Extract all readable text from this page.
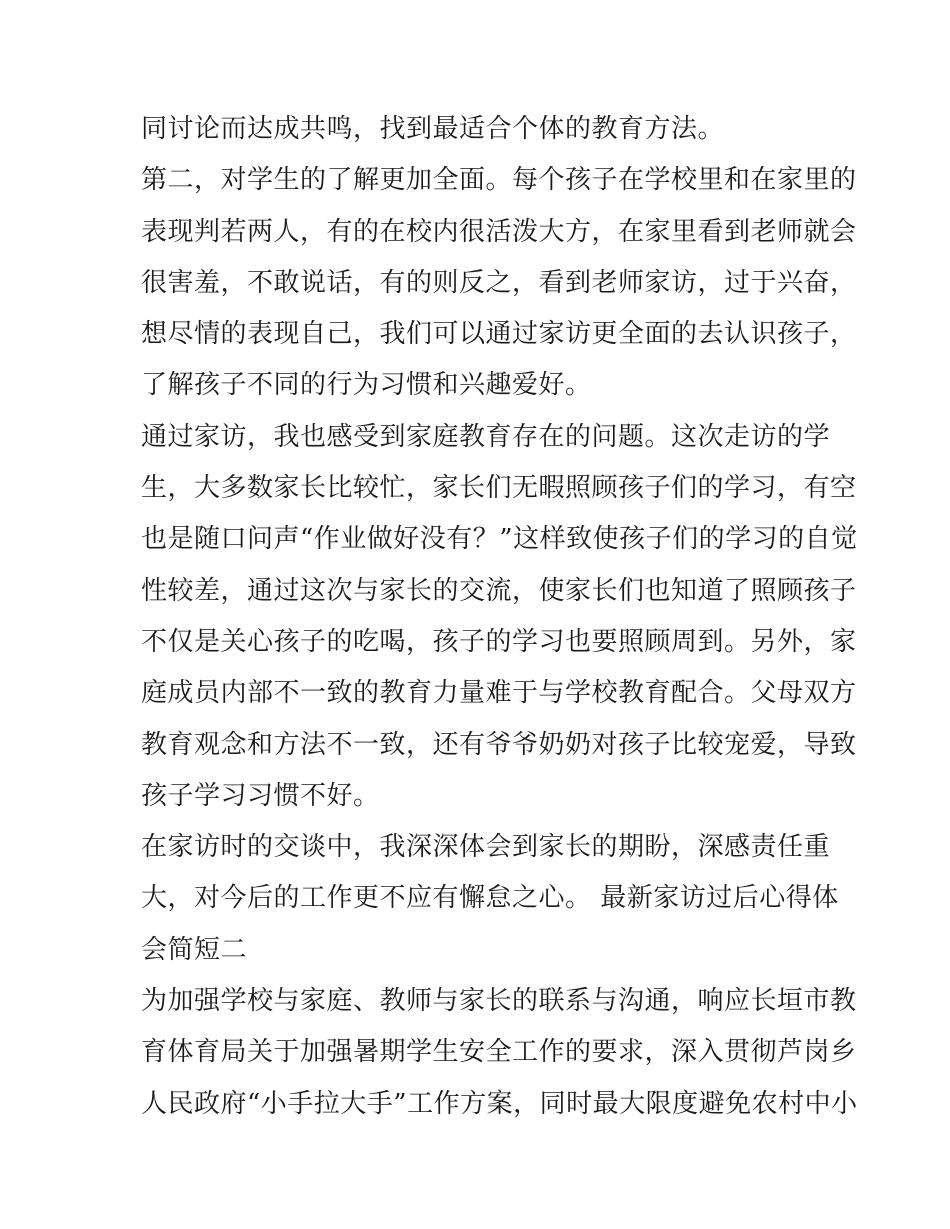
同讨论而达成共鸣，找到最适合个体的教育方法。
第二，对学生的了解更加全面。每个孩子在学校里和在家里的
表现判若两人，有的在校内很活泼大方，在家里看到老师就会
很害羞，不敢说话，有的则反之，看到老师家访，过于兴奋，
想尽情的表现自己，我们可以通过家访更全面的去认识孩子，
了解孩子不同的行为习惯和兴趣爱好。
通过家访，我也感受到家庭教育存在的问题。这次走访的学
生，大多数家长比较忙，家长们无暇照顾孩子们的学习，有空
也是随口问声“作业做好没有？”这样致使孩子们的学习的自觉
性较差，通过这次与家长的交流，使家长们也知道了照顾孩子
不仅是关心孩子的吃喝，孩子的学习也要照顾周到。另外，家
庭成员内部不一致的教育力量难于与学校教育配合。父母双方
教育观念和方法不一致，还有爷爷奶奶对孩子比较宠爱，导致
孩子学习习惯不好。
在家访时的交谈中，我深深体会到家长的期盼，深感责任重
大，对今后的工作更不应有懈怠之心。 最新家访过后心得体
会简短二
为加强学校与家庭、教师与家长的联系与沟通，响应长垣市教
育体育局关于加强暑期学生安全工作的要求，深入贯彻芦岗乡
人民政府“小手拉大手”工作方案，同时最大限度避免农村中小
